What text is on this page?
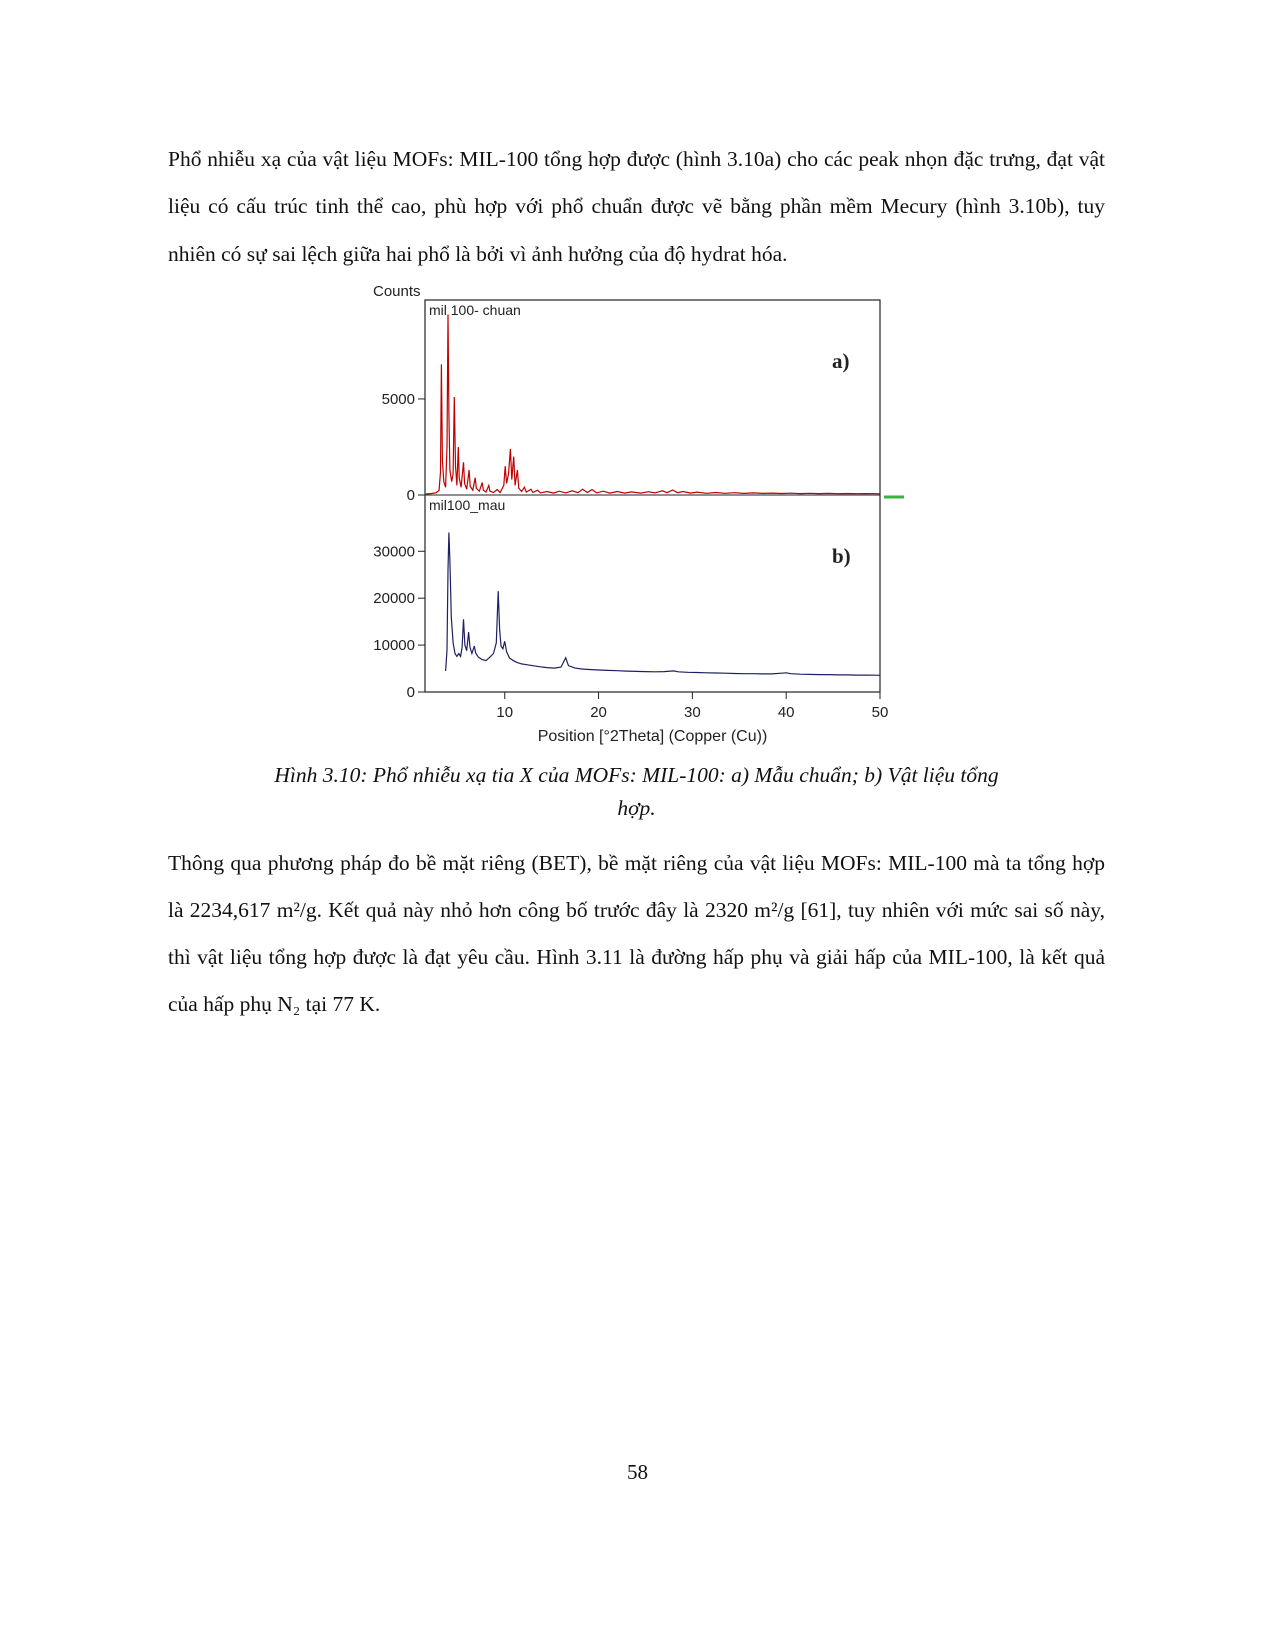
Phổ nhiễu xạ của vật liệu MOFs: MIL-100 tổng hợp được (hình 3.10a) cho các peak nhọn đặc trưng, đạt vật liệu có cấu trúc tinh thể cao, phù hợp với phổ chuẩn được vẽ bằng phần mềm Mecury (hình 3.10b), tuy nhiên có sự sai lệch giữa hai phổ là bởi vì ảnh hưởng của độ hydrat hóa.

Counts
0
5000
mil 100- chuan
a)
0
10000
20000
30000
mil100_mau
b)
10	20	30	40	50
Position [°2Theta] (Copper (Cu))
Hình 3.10: Phổ nhiễu xạ tia X của MOFs: MIL-100: a) Mẫu chuẩn; b) Vật liệu tổng
hợp.

Thông qua phương pháp đo bề mặt riêng (BET), bề mặt riêng của vật liệu MOFs: MIL-100 mà ta tổng hợp là 2234,617 m²/g. Kết quả này nhỏ hơn công bố trước đây là 2320 m²/g [61], tuy nhiên với mức sai số này, thì vật liệu tổng hợp được là đạt yêu cầu. Hình 3.11 là đường hấp phụ và giải hấp của MIL-100, là kết quả của hấp phụ N₂ tại 77 K.

58
